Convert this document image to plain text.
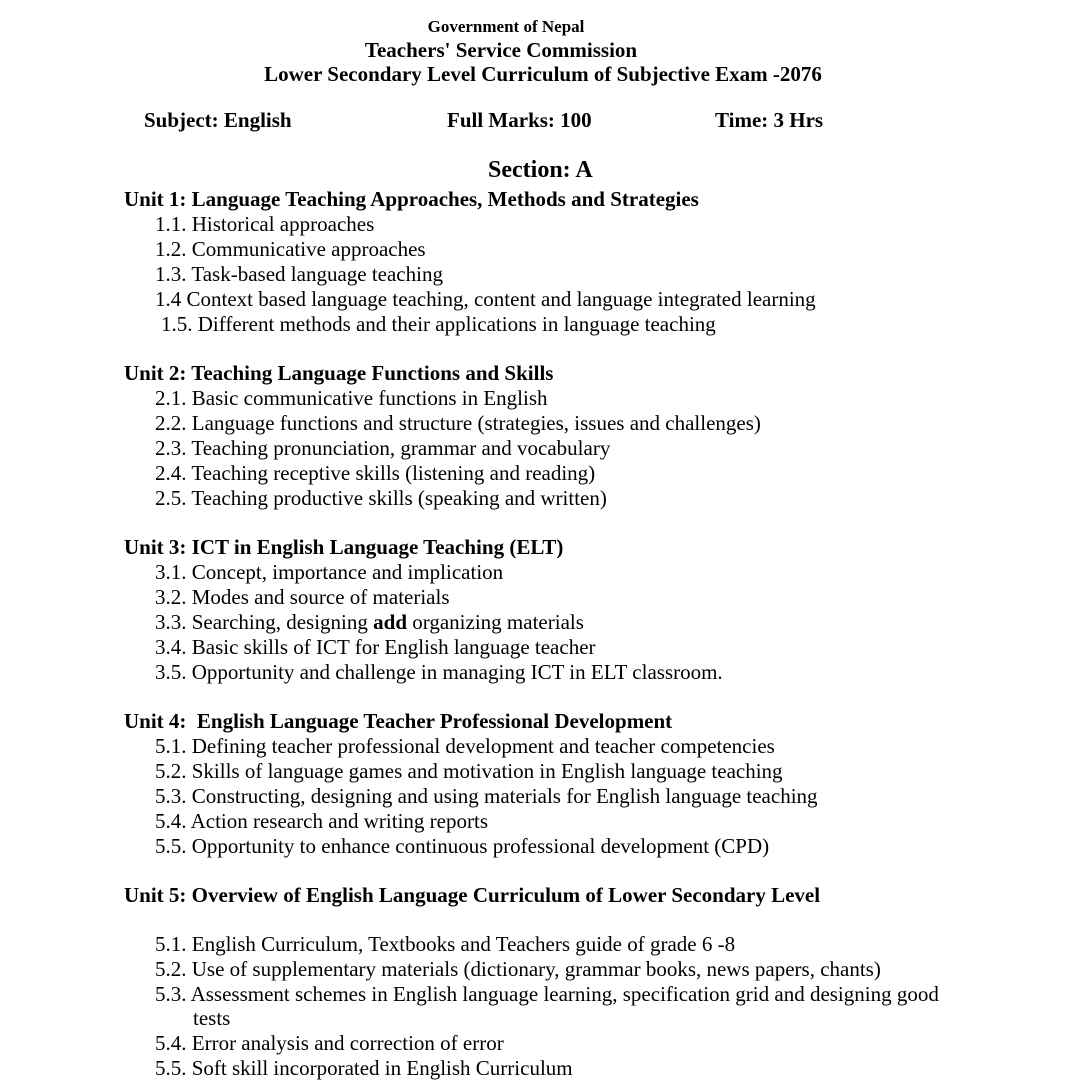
Government of Nepal
Teachers' Service Commission
Lower Secondary Level Curriculum of Subjective Exam -2076
Subject: English	Full Marks: 100	Time: 3 Hrs
Section: A
Unit 1: Language Teaching Approaches, Methods and Strategies
1.1. Historical approaches
1.2. Communicative approaches
1.3. Task-based language teaching
1.4 Context based language teaching, content and language integrated learning
1.5. Different methods and their applications in language teaching
Unit 2: Teaching Language Functions and Skills
2.1. Basic communicative functions in English
2.2. Language functions and structure (strategies, issues and challenges)
2.3. Teaching pronunciation, grammar and vocabulary
2.4. Teaching receptive skills (listening and reading)
2.5. Teaching productive skills (speaking and written)
Unit 3: ICT in English Language Teaching (ELT)
3.1. Concept, importance and implication
3.2. Modes and source of materials
3.3. Searching, designing add organizing materials
3.4. Basic skills of ICT for English language teacher
3.5. Opportunity and challenge in managing ICT in ELT classroom.
Unit 4:  English Language Teacher Professional Development
5.1. Defining teacher professional development and teacher competencies
5.2. Skills of language games and motivation in English language teaching
5.3. Constructing, designing and using materials for English language teaching
5.4. Action research and writing reports
5.5. Opportunity to enhance continuous professional development (CPD)
Unit 5: Overview of English Language Curriculum of Lower Secondary Level
5.1. English Curriculum, Textbooks and Teachers guide of grade 6 -8
5.2. Use of supplementary materials (dictionary, grammar books, news papers, chants)
5.3. Assessment schemes in English language learning, specification grid and designing good
tests
5.4. Error analysis and correction of error
5.5. Soft skill incorporated in English Curriculum
